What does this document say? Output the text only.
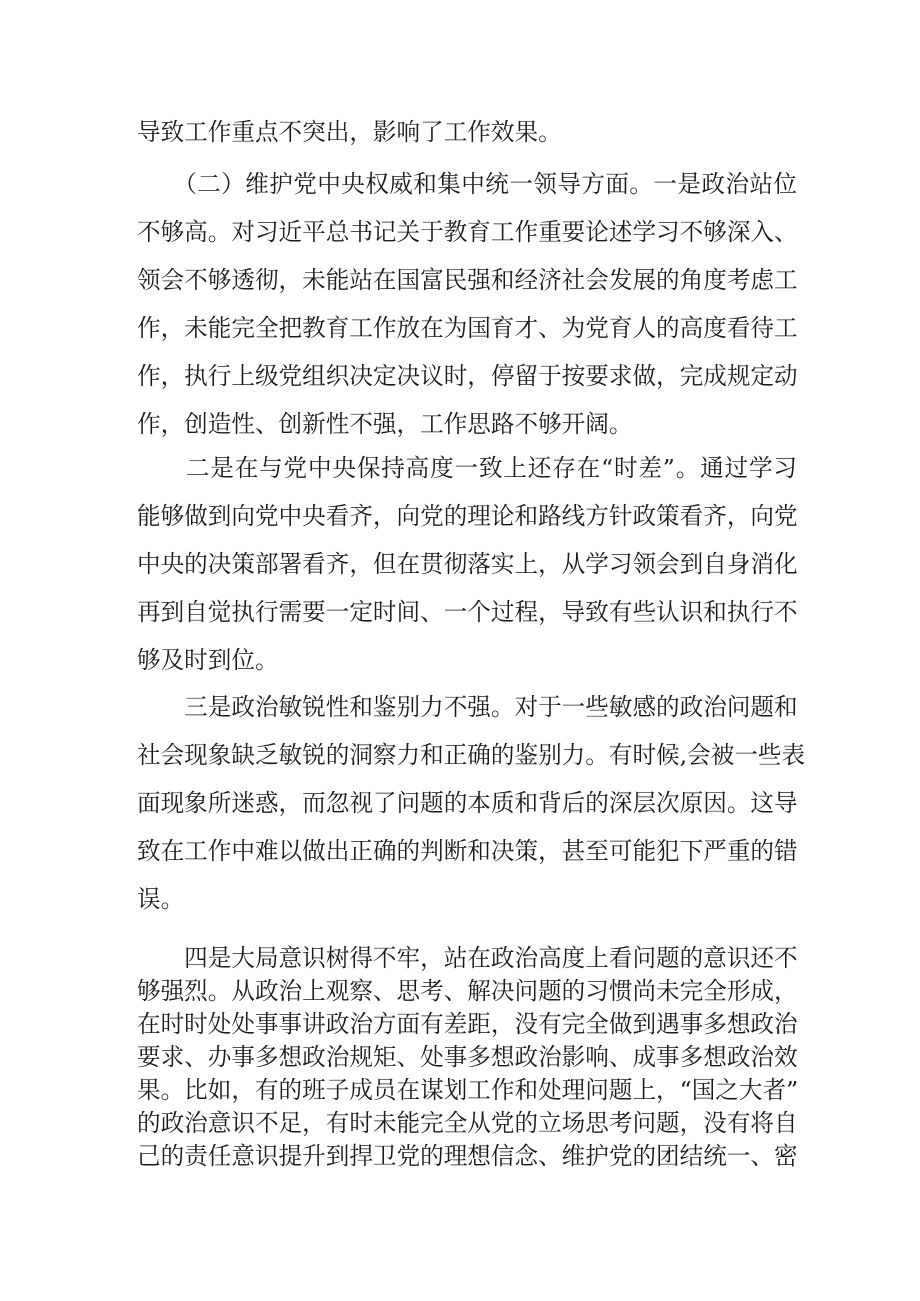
导致工作重点不突出，影响了工作效果。

　　（二）维护党中央权威和集中统一领导方面。一是政治站位
不够高。对习近平总书记关于教育工作重要论述学习不够深入、
领会不够透彻，未能站在国富民强和经济社会发展的角度考虑工
作，未能完全把教育工作放在为国育才、为党育人的高度看待工
作，执行上级党组织决定决议时，停留于按要求做，完成规定动
作，创造性、创新性不强，工作思路不够开阔。

　　二是在与党中央保持高度一致上还存在“时差”。通过学习
能够做到向党中央看齐，向党的理论和路线方针政策看齐，向党
中央的决策部署看齐，但在贯彻落实上，从学习领会到自身消化
再到自觉执行需要一定时间、一个过程，导致有些认识和执行不
够及时到位。

　　三是政治敏锐性和鉴别力不强。对于一些敏感的政治问题和
社会现象缺乏敏锐的洞察力和正确的鉴别力。有时候,会被一些表
面现象所迷惑，而忽视了问题的本质和背后的深层次原因。这导
致在工作中难以做出正确的判断和决策，甚至可能犯下严重的错
误。

　　四是大局意识树得不牢，站在政治高度上看问题的意识还不
够强烈。从政治上观察、思考、解决问题的习惯尚未完全形成，
在时时处处事事讲政治方面有差距，没有完全做到遇事多想政治
要求、办事多想政治规矩、处事多想政治影响、成事多想政治效
果。比如，有的班子成员在谋划工作和处理问题上，“国之大者”
的政治意识不足，有时未能完全从党的立场思考问题，没有将自
己的责任意识提升到捍卫党的理想信念、维护党的团结统一、密
